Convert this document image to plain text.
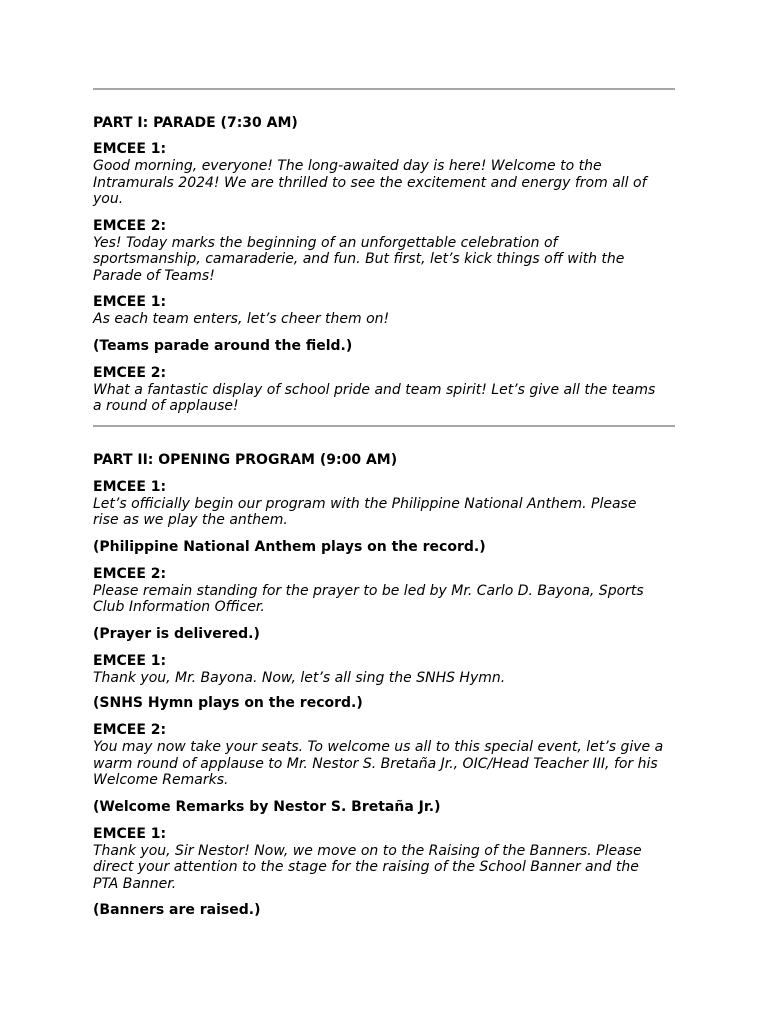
PART I: PARADE (7:30 AM)
EMCEE 1:
Good morning, everyone! The long-awaited day is here! Welcome to the
Intramurals 2024! We are thrilled to see the excitement and energy from all of
you.
EMCEE 2:
Yes! Today marks the beginning of an unforgettable celebration of
sportsmanship, camaraderie, and fun. But first, let’s kick things off with the
Parade of Teams!
EMCEE 1:
As each team enters, let’s cheer them on!
(Teams parade around the field.)
EMCEE 2:
What a fantastic display of school pride and team spirit! Let’s give all the teams
a round of applause!
PART II: OPENING PROGRAM (9:00 AM)
EMCEE 1:
Let’s officially begin our program with the Philippine National Anthem. Please
rise as we play the anthem.
(Philippine National Anthem plays on the record.)
EMCEE 2:
Please remain standing for the prayer to be led by Mr. Carlo D. Bayona, Sports
Club Information Officer.
(Prayer is delivered.)
EMCEE 1:
Thank you, Mr. Bayona. Now, let’s all sing the SNHS Hymn.
(SNHS Hymn plays on the record.)
EMCEE 2:
You may now take your seats. To welcome us all to this special event, let’s give a
warm round of applause to Mr. Nestor S. Bretaña Jr., OIC/Head Teacher III, for his
Welcome Remarks.
(Welcome Remarks by Nestor S. Bretaña Jr.)
EMCEE 1:
Thank you, Sir Nestor! Now, we move on to the Raising of the Banners. Please
direct your attention to the stage for the raising of the School Banner and the
PTA Banner.
(Banners are raised.)
